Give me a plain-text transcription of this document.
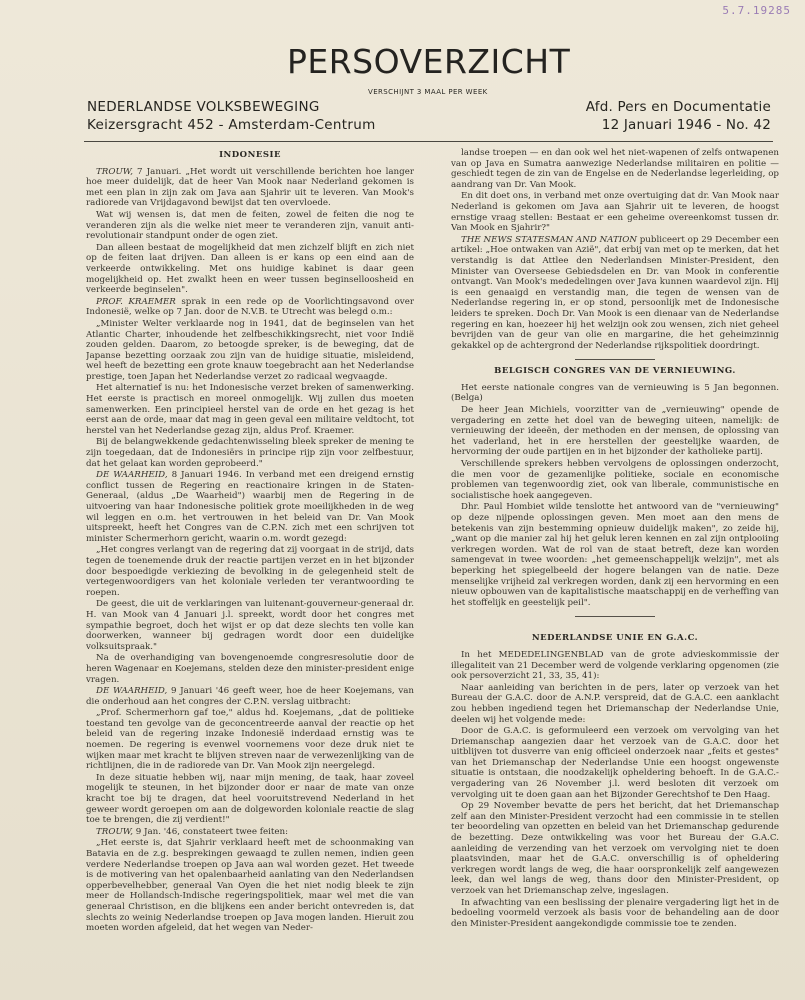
5.7.19285
PERSOVERZICHT
VERSCHIJNT 3 MAAL PER WEEK
NEDERLANDSE VOLKSBEWEGING
Keizersgracht 452 - Amsterdam-Centrum
Afd. Pers en Documentatie
12 Januari 1946 - No. 42
INDONESIE

TROUW, 7 Januari. „Het wordt uit verschillende berichten hoe langer hoe meer duidelijk, dat de heer Van Mook naar Nederland gekomen is met een plan in zijn zak om Java aan Sjahrir uit te leveren. Van Mook's radiorede van Vrijdagavond bewijst dat ten overvloede.

Wat wij wensen is, dat men de feiten, zowel de feiten die nog te veranderen zijn als die welke niet meer te veranderen zijn, vanuit anti-revolutionair standpunt onder de ogen ziet.

Dan alleen bestaat de mogelijkheid dat men zichzelf blijft en zich niet op de feiten laat drijven. Dan alleen is er kans op een eind aan de verkeerde ontwikkeling. Met ons huidige kabinet is daar geen mogelijkheid op. Het zwalkt heen en weer tussen beginselloosheid en verkeerde beginselen".

PROF. KRAEMER sprak in een rede op de Voorlichtingsavond over Indonesië, welke op 7 Jan. door de N.V.B. te Utrecht was belegd o.m.:

„Minister Welter verklaarde nog in 1941, dat de beginselen van het Atlantic Charter, inhoudende het zelfbeschikkingsrecht, niet voor Indië zouden gelden. Daarom, zo betoogde spreker, is de beweging, dat de Japanse bezetting oorzaak zou zijn van de huidige situatie, misleidend, wel heeft de bezetting een grote knauw toegebracht aan het Nederlandse prestige, toen Japan het Nederlandse verzet zo radicaal wegvaagde.

Het alternatief is nu: het Indonesische verzet breken of samenwerking. Het eerste is practisch en moreel onmogelijk. Wij zullen dus moeten samenwerken. Een principieel herstel van de orde en het gezag is het eerst aan de orde, maar dat mag in geen geval een militaire veldtocht, tot herstel van het Nederlandse gezag zijn, aldus Prof. Kraemer.

Bij de belangwekkende gedachtenwisseling bleek spreker de mening te zijn toegedaan, dat de Indonesiërs in principe rijp zijn voor zelfbestuur, dat het gelaat kan worden geprobeerd."

DE WAARHEID, 8 Januari 1946. In verband met een dreigend ernstig conflict tussen de Regering en reactionaire kringen in de Staten-Generaal, (aldus „De Waarheid") waarbij men de Regering in de uitvoering van haar Indonesische politiek grote moeilijkheden in de weg wil leggen en o.m. het vertrouwen in het beleid van Dr. Van Mook uitspreekt, heeft het Congres van de C.P.N. zich met een schrijven tot minister Schermerhorn gericht, waarin o.m. wordt gezegd:

„Het congres verlangt van de regering dat zij voorgaat in de strijd, dats tegen de toenemende druk der reactie partijen verzet en in het bijzonder door bespoedigde verkiezing de bevolking in de gelegenheid stelt de vertegenwoordigers van het koloniale verleden ter verantwoording te roepen.

De geest, die uit de verklaringen van luitenant-gouverneur-generaal dr. H. van Mook van 4 Januari j.l. spreekt, wordt door het congres met sympathie begroet, doch het wijst er op dat deze slechts ten volle kan doorwerken, wanneer bij gedragen wordt door een duidelijke volksuitspraak."

Na de overhandiging van bovengenoemde congresresolutie door de heren Wagenaar en Koejemans, stelden deze den minister-president enige vragen.

DE WAARHEID, 9 Januari '46 geeft weer, hoe de heer Koejemans, van die onderhoud aan het congres der C.P.N. verslag uitbracht:

„Prof. Schermerhorn gaf toe," aldus hd. Koejemans, „dat de politieke toestand ten gevolge van de geconcentreerde aanval der reactie op het beleid van de regering inzake Indonesië inderdaad ernstig was te noemen. De regering is evenwel voornemens voor deze druk niet te wijken maar met kracht te blijven streven naar de verwezenlijking van de richtlijnen, die in de radiorede van Dr. Van Mook zijn neergelegd.

In deze situatie hebben wij, naar mijn mening, de taak, haar zoveel mogelijk te steunen, in het bijzonder door er naar de mate van onze kracht toe bij te dragen, dat heel vooruitstrevend Nederland in het geweer wordt geroepen om aan de dolgeworden koloniale reactie de slag toe te brengen, die zij verdient!"

TROUW, 9 Jan. '46, constateert twee feiten:

„Het eerste is, dat Sjahrir verklaard heeft met de schoonmaking van Batavia en de z.g. besprekingen gewaagd te zullen nemen, indien geen verdere Nederlandse troepen op Java aan wal worden gezet. Het tweede is de motivering van het opalenbaarheid aanlating van den Nederlandsen opperbevelhebber, generaal Van Oyen die het niet nodig bleek te zijn meer de Hollandsch-Indische regeringspolitiek, maar wel met die van generaal Christison, en die blijkens een ander bericht ontevreden is, dat slechts zo weinig Nederlandse troepen op Java mogen landen. Hieruit zou moeten worden afgeleid, dat het wegen van Neder-

landse troepen — en dan ook wel het niet-wapenen of zelfs ontwapenen van op Java en Sumatra aanwezige Nederlandse militairen en politie — geschiedt tegen de zin van de Engelse en de Nederlandse legerleiding, op aandrang van Dr. Van Mook.

En dit doet ons, in verband met onze overtuiging dat dr. Van Mook naar Nederland is gekomen om Java aan Sjahrir uit te leveren, de hoogst ernstige vraag stellen: Bestaat er een geheime overeenkomst tussen dr. Van Mook en Sjahrir?"

THE NEWS STATESMAN AND NATION publiceert op 29 December een artikel: „Hoe ontwaken van Azië", dat erbij van met op te merken, dat het verstandig is dat Attlee den Nederlandsen Minister-President, den Minister van Overseese Gebiedsdelen en Dr. van Mook in conferentie ontvangt. Van Mook's mededelingen over Java kunnen waardevol zijn. Hij is een genaaigd en verstandig man, die tegen de wensen van de Nederlandse regering in, er op stond, persoonlijk met de Indonesische leiders te spreken. Doch Dr. Van Mook is een dienaar van de Nederlandse regering en kan, hoezeer hij het welzijn ook zou wensen, zich niet geheel bevrijden van de geur van olie en margarine, die het geheimzinnig gekakkel op de achtergrond der Nederlandse rijkspolitiek doordringt.

BELGISCH CONGRES VAN DE VERNIEUWING.

Het eerste nationale congres van de vernieuwing is 5 Jan begonnen. (Belga)

De heer Jean Michiels, voorzitter van de „vernieuwing" opende de vergadering en zette het doel van de beweging uiteen, namelijk: de vernieuwing der ideeën, der methoden en der mensen, de oplossing van het vaderland, het in ere herstellen der geestelijke waarden, de hervorming der oude partijen en in het bijzonder der katholieke partij.

Verschillende sprekers hebben vervolgens de oplossingen onderzocht, die men voor de gezamenlijke politieke, sociale en economische problemen van tegenwoordig ziet, ook van liberale, communistische en socialistische hoek aangegeven.

Dhr. Paul Hombiet wilde tenslotte het antwoord van de "vernieuwing" op deze nijpende oplossingen geven. Men moet aan den mens de betekenis van zijn bestemming opnieuw duidelijk maken", zo zeide hij, „want op die manier zal hij het geluk leren kennen en zal zijn ontplooiing verkregen worden. Wat de rol van de staat betreft, deze kan worden samengevat in twee woorden: „het gemeenschappelijk welzijn", met als beperking het spiegelbeeld der hogere belangen van de natie. Deze menselijke vrijheid zal verkregen worden, dank zij een hervorming en een nieuw opbouwen van de kapitalistische maatschappij en de verheffing van het stoffelijk en geestelijk peil".

NEDERLANDSE UNIE EN G.A.C.

In het MEDEDELINGENBLAD van de grote advieskommissie der illegaliteit van 21 December werd de volgende verklaring opgenomen (zie ook persoverzicht 21, 33, 35, 41):

Naar aanleiding van berichten in de pers, later op verzoek van het Bureau der G.A.C. door de A.N.P. verspreid, dat de G.A.C. een aanklacht zou hebben ingediend tegen het Driemanschap der Nederlandse Unie, deelen wij het volgende mede:

Door de G.A.C. is geformuleerd een verzoek om vervolging van het Driemanschap aangezien daar het verzoek van de G.A.C. door het uitblijven tot dusverre van enig officieel onderzoek naar „feits et gestes" van het Driemanschap der Nederlandse Unie een hoogst ongewenste situatie is ontstaan, die noodzakelijk opheldering behoeft. In de G.A.C.-vergadering van 26 November j.l. werd besloten dit verzoek om vervolging uit te doen gaan aan het Bijzonder Gerechtshof te Den Haag.

Op 29 November bevatte de pers het bericht, dat het Driemanschap zelf aan den Minister-President verzocht had een commissie in te stellen ter beoordeling van opzetten en beleid van het Driemanschap gedurende de bezetting. Deze ontwikkeling was voor het Bureau der G.A.C. aanleiding de verzending van het verzoek om vervolging niet te doen plaatsvinden, maar het de G.A.C. onverschillig is of opheldering verkregen wordt langs de weg, die haar oorspronkelijk zelf aangewezen leek, dan wel langs de weg, thans door den Minister-President, op verzoek van het Driemanschap zelve, ingeslagen.

In afwachting van een beslissing der plenaire vergadering ligt het in de bedoeling voormeld verzoek als basis voor de behandeling aan de door den Minister-President aangekondigde commissie toe te zenden.
